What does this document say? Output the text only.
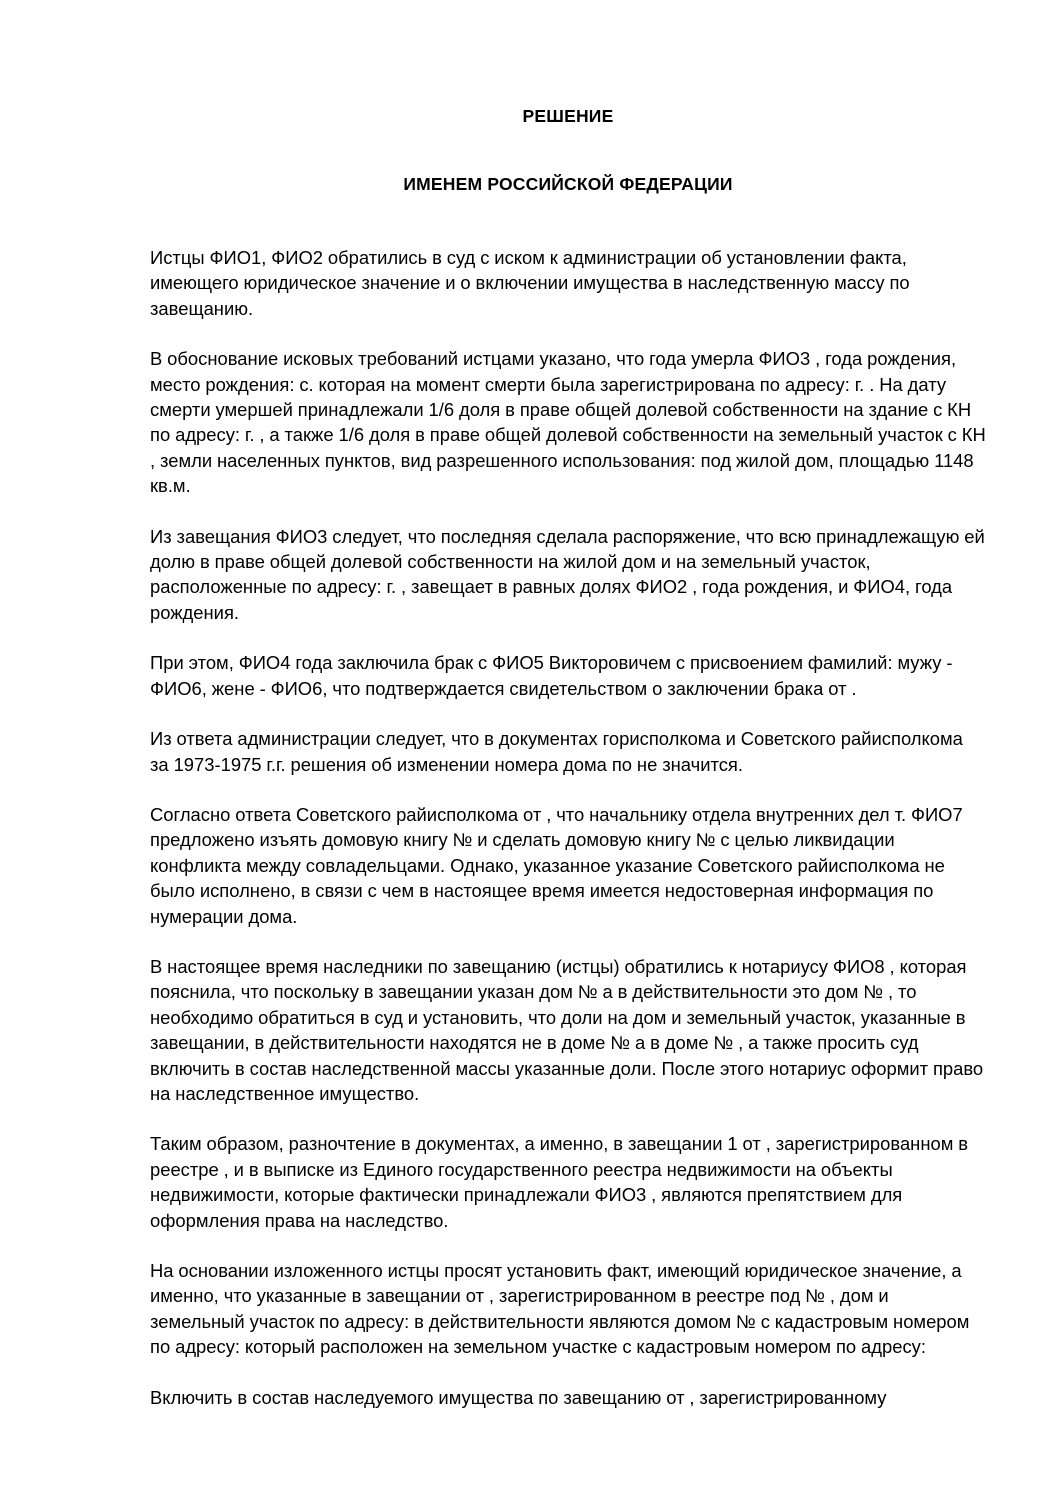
РЕШЕНИЕ
ИМЕНЕМ РОССИЙСКОЙ ФЕДЕРАЦИИ

Истцы ФИО1, ФИО2 обратились в суд с иском к администрации об установлении факта, имеющего юридическое значение и о включении имущества в наследственную массу по завещанию.

В обоснование исковых требований истцами указано, что года умерла ФИО3 , года рождения, место рождения: с. которая на момент смерти была зарегистрирована по адресу: г. . На дату смерти умершей принадлежали 1/6 доля в праве общей долевой собственности на здание с КН по адресу: г. , а также 1/6 доля в праве общей долевой собственности на земельный участок с КН , земли населенных пунктов, вид разрешенного использования: под жилой дом, площадью 1148 кв.м.

Из завещания ФИО3 следует, что последняя сделала распоряжение, что всю принадлежащую ей долю в праве общей долевой собственности на жилой дом и на земельный участок, расположенные по адресу: г. , завещает в равных долях ФИО2 , года рождения, и ФИО4, года рождения.

При этом, ФИО4 года заключила брак с ФИО5 Викторовичем с присвоением фамилий: мужу - ФИО6, жене - ФИО6, что подтверждается свидетельством о заключении брака от .

Из ответа администрации следует, что в документах горисполкома и Советского райисполкома за 1973-1975 г.г. решения об изменении номера дома по не значится.

Согласно ответа Советского райисполкома от , что начальнику отдела внутренних дел т. ФИО7 предложено изъять домовую книгу № и сделать домовую книгу № с целью ликвидации конфликта между совладельцами. Однако, указанное указание Советского райисполкома не было исполнено, в связи с чем в настоящее время имеется недостоверная информация по нумерации дома.

В настоящее время наследники по завещанию (истцы) обратились к нотариусу ФИО8 , которая пояснила, что поскольку в завещании указан дом № а в действительности это дом № , то необходимо обратиться в суд и установить, что доли на дом и земельный участок, указанные в завещании, в действительности находятся не в доме № а в доме № , а также просить суд включить в состав наследственной массы указанные доли. После этого нотариус оформит право на наследственное имущество.

Таким образом, разночтение в документах, а именно, в завещании 1 от , зарегистрированном в реестре , и в выписке из Единого государственного реестра недвижимости на объекты недвижимости, которые фактически принадлежали ФИО3 , являются препятствием для оформления права на наследство.

На основании изложенного истцы просят установить факт, имеющий юридическое значение, а именно, что указанные в завещании от , зарегистрированном в реестре под № , дом и земельный участок по адресу: в действительности являются домом № с кадастровым номером по адресу: который расположен на земельном участке с кадастровым номером по адресу:

Включить в состав наследуемого имущества по завещанию от , зарегистрированному
